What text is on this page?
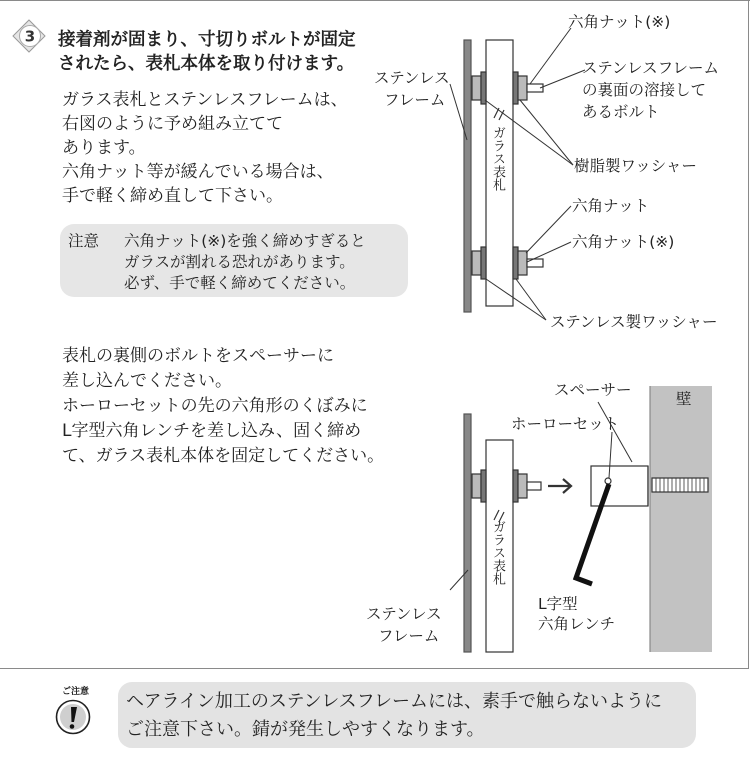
3 接着剤が固まり、寸切りボルトが固定
されたら、表札本体を取り付けます。
ガラス表札とステンレスフレームは、
右図のように予め組み立てて
あります。
六角ナット等が緩んでいる場合は、
手で軽く締め直して下さい。
注意 六角ナット(※)を強く締めすぎると
ガラスが割れる恐れがあります。
必ず、手で軽く締めてください。
表札の裏側のボルトをスペーサーに
差し込んでください。
ホーローセットの先の六角形のくぼみに
L字型六角レンチを差し込み、固く締め
て、ガラス表札本体を固定してください。
ステンレス
フレーム
ガラス表札
六角ナット(※)
ステンレスフレーム
の裏面の溶接して
あるボルト
樹脂製ワッシャー
六角ナット
六角ナット(※)
ステンレス製ワッシャー
スペーサー	壁
ホーローセット
ガラス表札
ステンレス
フレーム
L字型
六角レンチ
ご注意 ヘアライン加工のステンレスフレームには、素手で触らないように
ご注意下さい。錆が発生しやすくなります。
